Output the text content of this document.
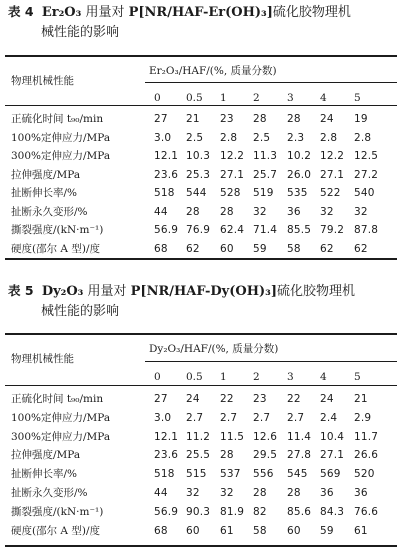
表 4 Er₂O₃ 用量对 P[NR/HAF-Er(OH)₃]硫化胶物理机
械性能的影响
物理机械性能
Er₂O₃/HAF/(%, 质量分数)
0 0.5 1	2	3	4	5
正硫化时间 t₉₀/min	27 21 23 28 28 24 19
100%定伸应力/MPa	3.0 2.5 2.8 2.5 2.3 2.8 2.8
300%定伸应力/MPa	12.1 10.3 12.2 11.3 10.2 12.2 12.5
拉伸强度/MPa	23.6 25.3 27.1 25.7 26.0 27.1 27.2
扯断伸长率/%	518 544 528 519 535 522 540
扯断永久变形/%	44 28 28 32 36 32 32
撕裂强度/(kN·m⁻¹)	56.9 76.9 62.4 71.4 85.5 79.2 87.8
硬度(邵尔 A 型)/度	68 62 60 59 58 62 62
表 5 Dy₂O₃ 用量对 P[NR/HAF-Dy(OH)₃]硫化胶物理机
械性能的影响
物理机械性能
Dy₂O₃/HAF/(%, 质量分数)
0 0.5 1	2	3	4	5
正硫化时间 t₉₀/min	27 24 22 23 22 24 21
100%定伸应力/MPa	3.0 2.7 2.7 2.7 2.7 2.4 2.9
300%定伸应力/MPa	12.1 11.2 11.5 12.6 11.4 10.4 11.7
拉伸强度/MPa	23.6 25.5 28 29.5 27.8 27.1 26.6
扯断伸长率/%	518 515 537 556 545 569 520
扯断永久变形/%	44 32 32 28 28 36 36
撕裂强度/(kN·m⁻¹)	56.9 90.3 81.9 82 85.6 84.3 76.6
硬度(邵尔 A 型)/度	68 60 61 58 60 59 61
